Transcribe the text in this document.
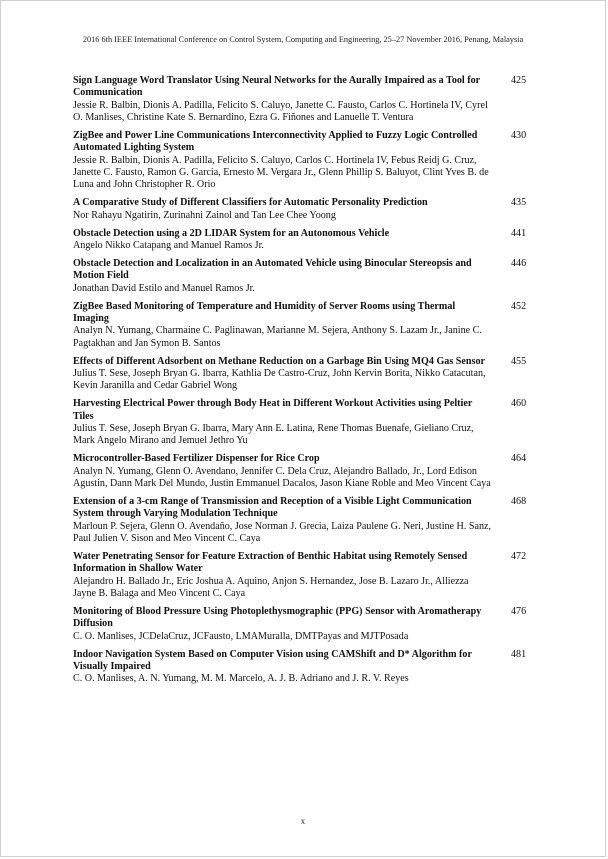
2016 6th IEEE International Conference on Control System, Computing and Engineering, 25–27 November 2016, Penang, Malaysia
Sign Language Word Translator Using Neural Networks for the Aurally Impaired as a Tool for Communication
Jessie R. Balbin, Dionis A. Padilla, Felicito S. Caluyo, Janette C. Fausto, Carlos C. Hortinela IV, Cyrel O. Manlises, Christine Kate S. Bernardino, Ezra G. Fiñones and Lanuelle T. Ventura
425
ZigBee and Power Line Communications Interconnectivity Applied to Fuzzy Logic Controlled Automated Lighting System
Jessie R. Balbin, Dionis A. Padilla, Felicito S. Caluyo, Carlos C. Hortinela IV, Febus Reidj G. Cruz, Janette C. Fausto, Ramon G. Garcia, Ernesto M. Vergara Jr., Glenn Phillip S. Baluyot, Clint Yves B. de Luna and John Christopher R. Orio
430
A Comparative Study of Different Classifiers for Automatic Personality Prediction
Nor Rahayu Ngatirin, Zurinahni Zainol and Tan Lee Chee Yoong
435
Obstacle Detection using a 2D LIDAR System for an Autonomous Vehicle
Angelo Nikko Catapang and Manuel Ramos Jr.
441
Obstacle Detection and Localization in an Automated Vehicle using Binocular Stereopsis and Motion Field
Jonathan David Estilo and Manuel Ramos Jr.
446
ZigBee Based Monitoring of Temperature and Humidity of Server Rooms using Thermal Imaging
Analyn N. Yumang, Charmaine C. Paglinawan, Marianne M. Sejera, Anthony S. Lazam Jr., Janine C. Pagtakhan and Jan Symon B. Santos
452
Effects of Different Adsorbent on Methane Reduction on a Garbage Bin Using MQ4 Gas Sensor
Julius T. Sese, Joseph Bryan G. Ibarra, Kathlia De Castro-Cruz, John Kervin Borita, Nikko Catacutan, Kevin Jaranilla and Cedar Gabriel Wong
455
Harvesting Electrical Power through Body Heat in Different Workout Activities using Peltier Tiles
Julius T. Sese, Joseph Bryan G. Ibarra, Mary Ann E. Latina, Rene Thomas Buenafe, Gieliano Cruz, Mark Angelo Mirano and Jemuel Jethro Yu
460
Microcontroller-Based Fertilizer Dispenser for Rice Crop
Analyn N. Yumang, Glenn O. Avendano, Jennifer C. Dela Cruz, Alejandro Ballado, Jr., Lord Edison Agustin, Dann Mark Del Mundo, Justin Emmanuel Dacalos, Jason Kiane Roble and Meo Vincent Caya
464
Extension of a 3-cm Range of Transmission and Reception of a Visible Light Communication System through Varying Modulation Technique
Marloun P. Sejera, Glenn O. Avendaño, Jose Norman J. Grecia, Laiza Paulene G. Neri, Justine H. Sanz, Paul Julien V. Sison and Meo Vincent C. Caya
468
Water Penetrating Sensor for Feature Extraction of Benthic Habitat using Remotely Sensed Information in Shallow Water
Alejandro H. Ballado Jr., Eric Joshua A. Aquino, Anjon S. Hernandez, Jose B. Lazaro Jr., Alliezza Jayne B. Balaga and Meo Vincent C. Caya
472
Monitoring of Blood Pressure Using Photoplethysmographic (PPG) Sensor with Aromatherapy Diffusion
C. O. Manlises, JCDelaCruz, JCFausto, LMAMuralla, DMTPayas and MJTPosada
476
Indoor Navigation System Based on Computer Vision using CAMShift and D* Algorithm for Visually Impaired
C. O. Manlises, A. N. Yumang, M. M. Marcelo, A. J. B. Adriano and J. R. V. Reyes
481
x
